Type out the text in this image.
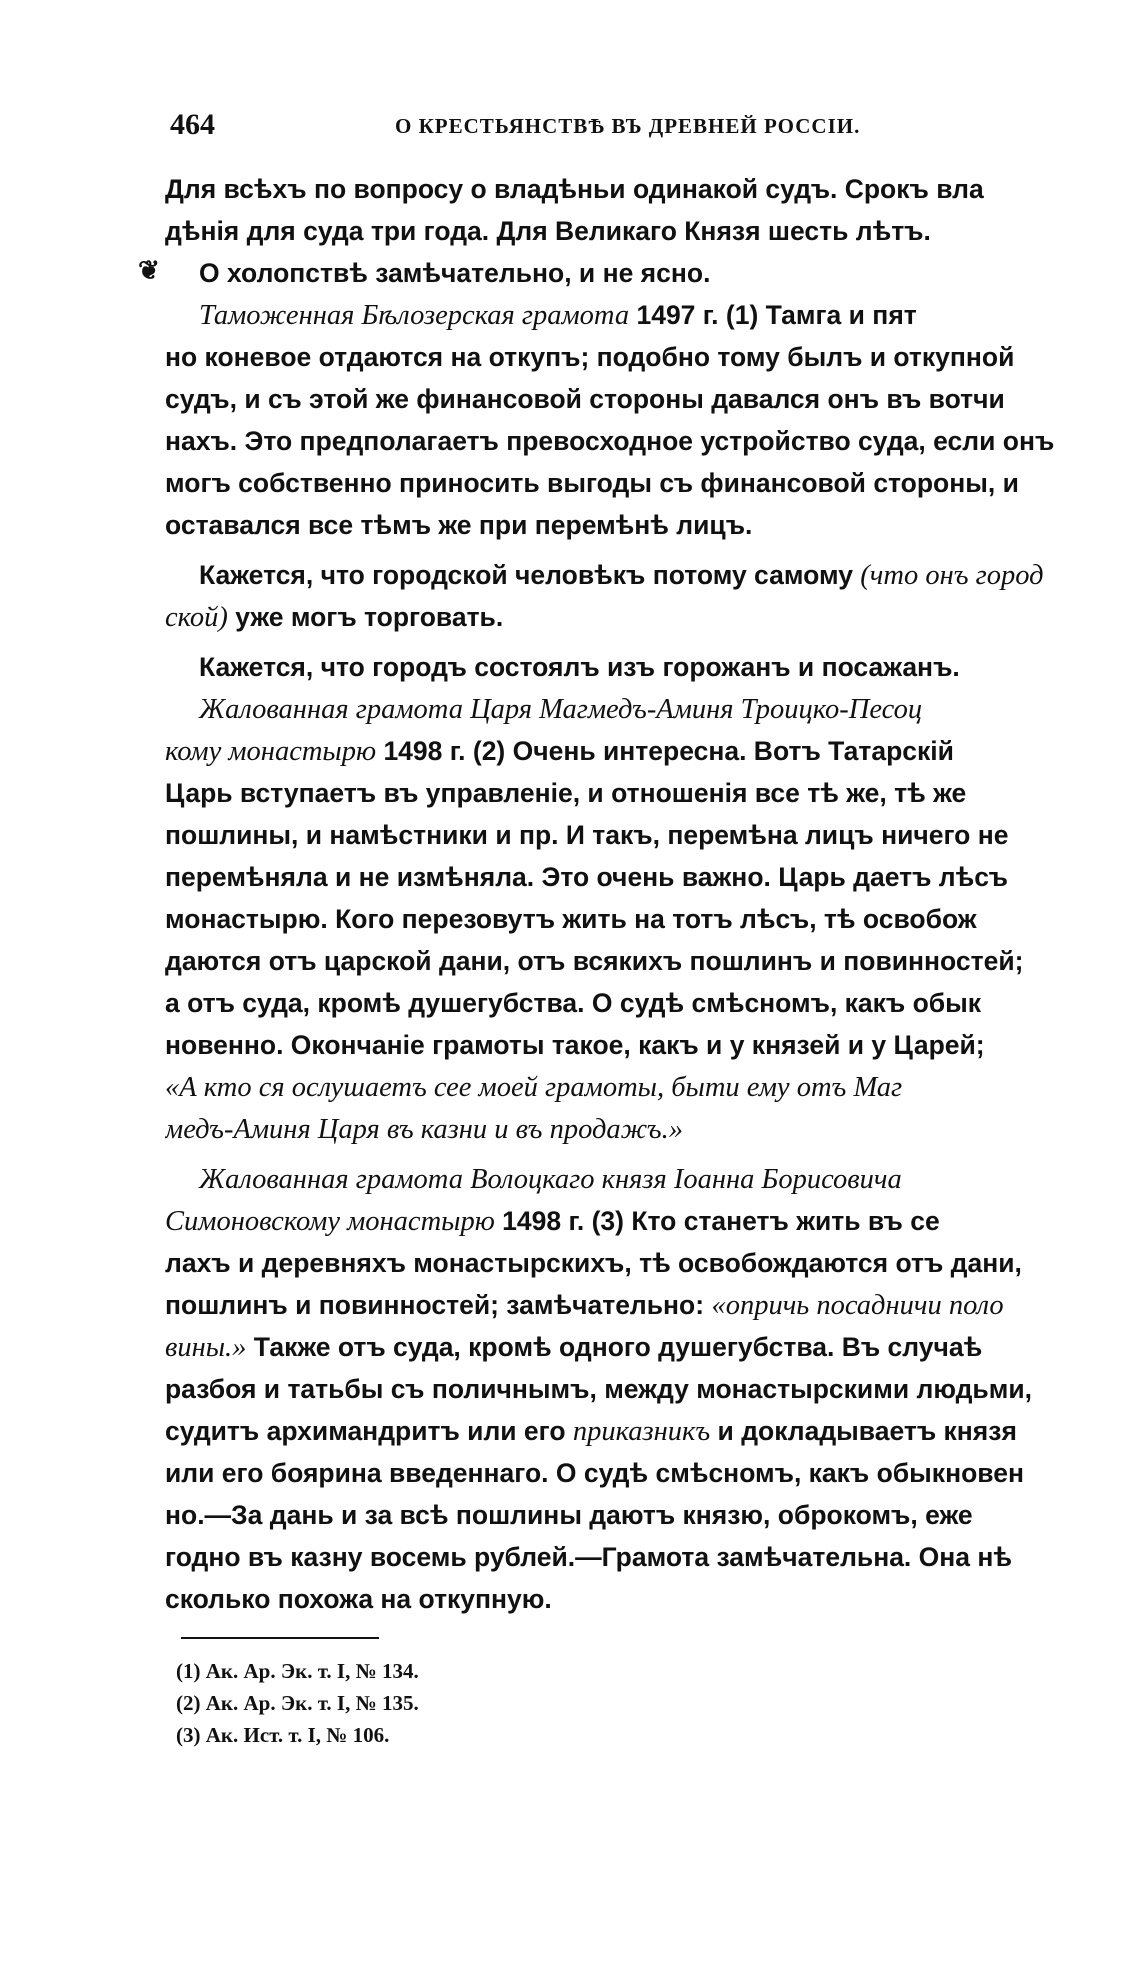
464	О КРЕСТЬЯНСТВѢ ВЪ ДРЕВНЕЙ РОССІИ.
❦
Для всѣхъ по вопросу о владѣньи одинакой судъ. Срокъ вла
дѣнія для суда три года. Для Великаго Князя шесть лѣтъ.
О холопствѣ замѣчательно, и не ясно.
Таможенная Бѣлозерская грамота 1497 г. (1) Тамга и пят
но коневое отдаются на откупъ; подобно тому былъ и откупной
судъ, и съ этой же финансовой стороны давался онъ въ вотчи
нахъ. Это предполагаетъ превосходное устройство суда, если онъ
могъ собственно приносить выгоды съ финансовой стороны, и
оставался все тѣмъ же при перемѣнѣ лицъ.
Кажется, что городской человѣкъ потому самому (что онъ город
ской) уже могъ торговать.
Кажется, что городъ состоялъ изъ горожанъ и посажанъ.
Жалованная грамота Царя Магмедъ-Аминя Троицко-Песоц
кому монастырю 1498 г. (2) Очень интересна. Вотъ Татарскій
Царь вступаетъ въ управленіе, и отношенія все тѣ же, тѣ же
пошлины, и намѣстники и пр. И такъ, перемѣна лицъ ничего не
перемѣняла и не измѣняла. Это очень важно. Царь даетъ лѣсъ
монастырю. Кого перезовутъ жить на тотъ лѣсъ, тѣ освобож
даются отъ царской дани, отъ всякихъ пошлинъ и повинностей;
а отъ суда, кромѣ душегубства. О судѣ смѣсномъ, какъ обык
новенно. Окончаніе грамоты такое, какъ и у князей и у Царей;
«А кто ся ослушаетъ сее моей грамоты, быти ему отъ Маг
медъ-Аминя Царя въ казни и въ продажъ.»
Жалованная грамота Волоцкаго князя Іоанна Борисовича
Симоновскому монастырю 1498 г. (3) Кто станетъ жить въ се
лахъ и деревняхъ монастырскихъ, тѣ освобождаются отъ дани,
пошлинъ и повинностей; замѣчательно: «опричь посадничи поло
вины.» Также отъ суда, кромѣ одного душегубства. Въ случаѣ
разбоя и татьбы съ поличнымъ, между монастырскими людьми,
судитъ архимандритъ или его приказникъ и докладываетъ князя
или его боярина введеннаго. О судѣ смѣсномъ, какъ обыкновен
но.—За дань и за всѣ пошлины даютъ князю, оброкомъ, еже
годно въ казну восемь рублей.—Грамота замѣчательна. Она нѣ
сколько похожа на откупную.
(1) Ак. Ар. Эк. т. I, № 134.
(2) Ак. Ар. Эк. т. I, № 135.
(3) Ак. Ист. т. I, № 106.
